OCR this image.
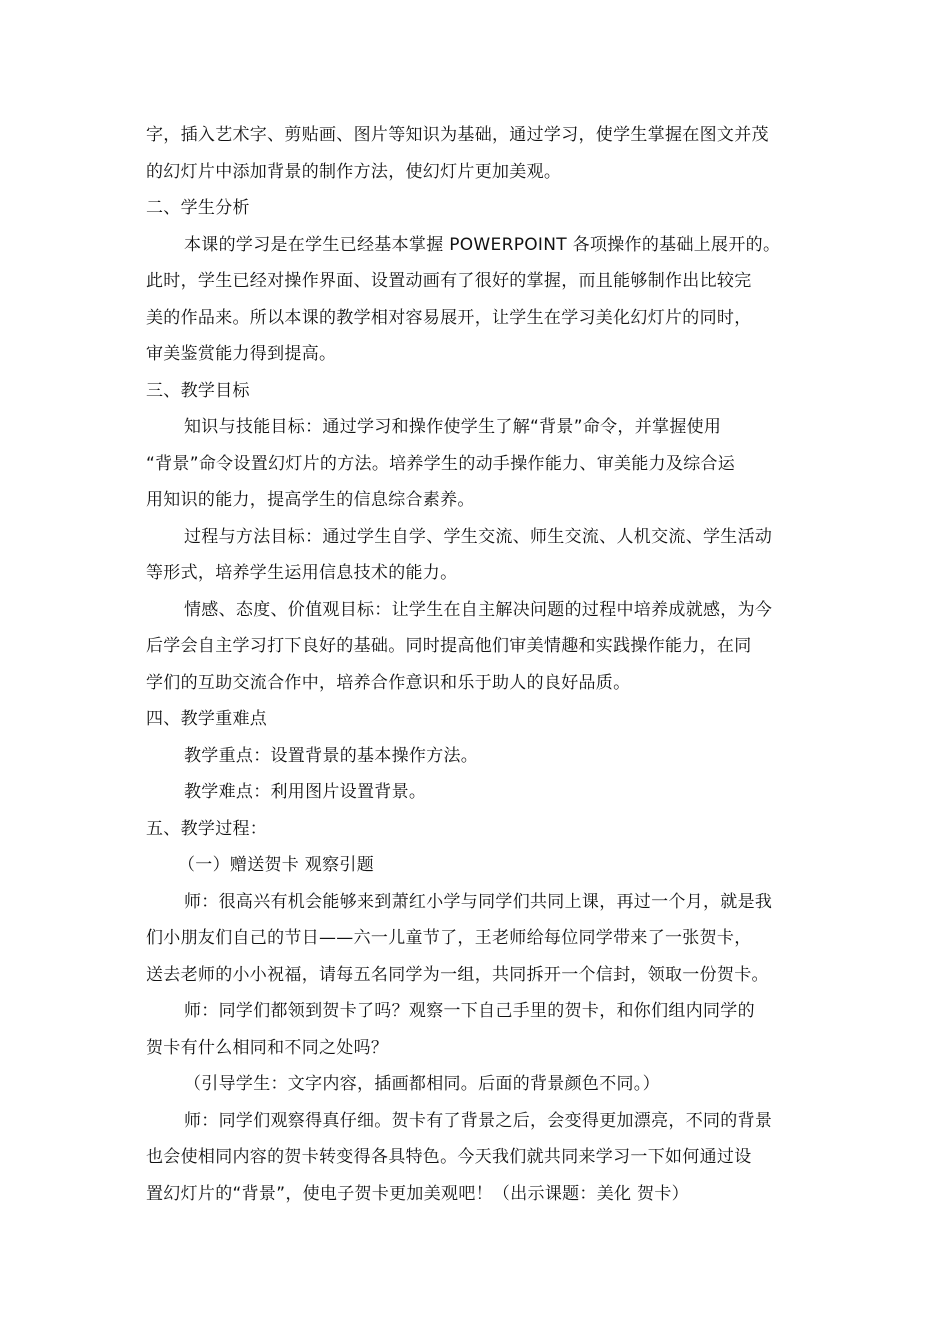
字，插入艺术字、剪贴画、图片等知识为基础，通过学习，使学生掌握在图文并茂
的幻灯片中添加背景的制作方法，使幻灯片更加美观。
二、学生分析
本课的学习是在学生已经基本掌握 POWERPOINT 各项操作的基础上展开的。
此时，学生已经对操作界面、设置动画有了很好的掌握，而且能够制作出比较完
美的作品来。所以本课的教学相对容易展开，让学生在学习美化幻灯片的同时，
审美鉴赏能力得到提高。
三、教学目标
知识与技能目标：通过学习和操作使学生了解“背景”命令，并掌握使用
“背景”命令设置幻灯片的方法。培养学生的动手操作能力、审美能力及综合运
用知识的能力，提高学生的信息综合素养。
过程与方法目标：通过学生自学、学生交流、师生交流、人机交流、学生活动
等形式，培养学生运用信息技术的能力。
情感、态度、价值观目标：让学生在自主解决问题的过程中培养成就感，为今
后学会自主学习打下良好的基础。同时提高他们审美情趣和实践操作能力，在同
学们的互助交流合作中，培养合作意识和乐于助人的良好品质。
四、教学重难点
教学重点：设置背景的基本操作方法。
教学难点：利用图片设置背景。
五、教学过程：
（一）赠送贺卡 观察引题
师：很高兴有机会能够来到萧红小学与同学们共同上课，再过一个月，就是我
们小朋友们自己的节日——六一儿童节了，王老师给每位同学带来了一张贺卡，
送去老师的小小祝福，请每五名同学为一组，共同拆开一个信封，领取一份贺卡。
师：同学们都领到贺卡了吗？观察一下自己手里的贺卡，和你们组内同学的
贺卡有什么相同和不同之处吗？
（引导学生：文字内容，插画都相同。后面的背景颜色不同。）
师：同学们观察得真仔细。贺卡有了背景之后，会变得更加漂亮，不同的背景
也会使相同内容的贺卡转变得各具特色。今天我们就共同来学习一下如何通过设
置幻灯片的“背景”，使电子贺卡更加美观吧！（出示课题：美化 贺卡）
